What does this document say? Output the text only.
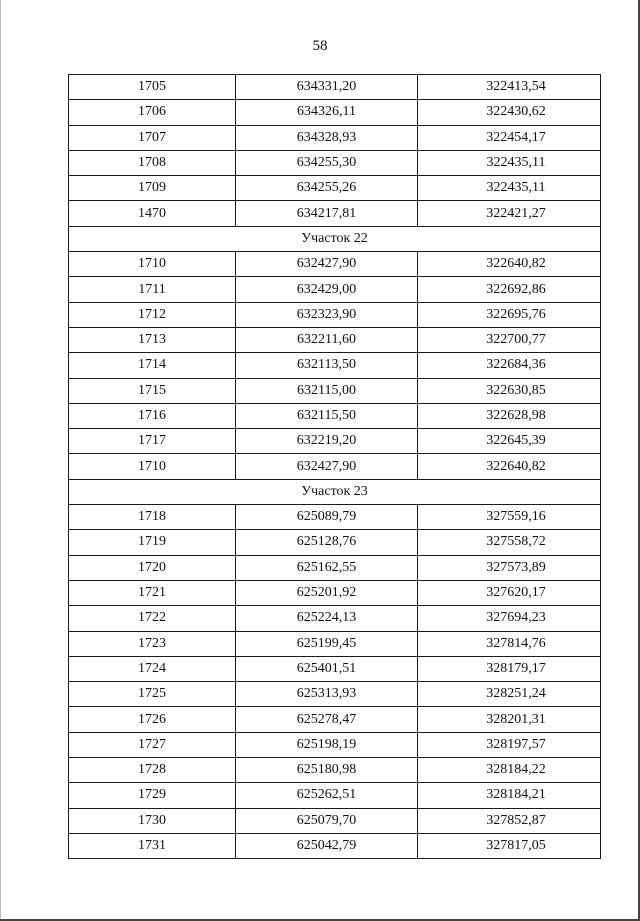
58
1705	634331,20	322413,54
1706	634326,11	322430,62
1707	634328,93	322454,17
1708	634255,30	322435,11
1709	634255,26	322435,11
1470	634217,81	322421,27
Участок 22		
1710	632427,90	322640,82
1711	632429,00	322692,86
1712	632323,90	322695,76
1713	632211,60	322700,77
1714	632113,50	322684,36
1715	632115,00	322630,85
1716	632115,50	322628,98
1717	632219,20	322645,39
1710	632427,90	322640,82
Участок 23		
1718	625089,79	327559,16
1719	625128,76	327558,72
1720	625162,55	327573,89
1721	625201,92	327620,17
1722	625224,13	327694,23
1723	625199,45	327814,76
1724	625401,51	328179,17
1725	625313,93	328251,24
1726	625278,47	328201,31
1727	625198,19	328197,57
1728	625180,98	328184,22
1729	625262,51	328184,21
1730	625079,70	327852,87
1731	625042,79	327817,05
